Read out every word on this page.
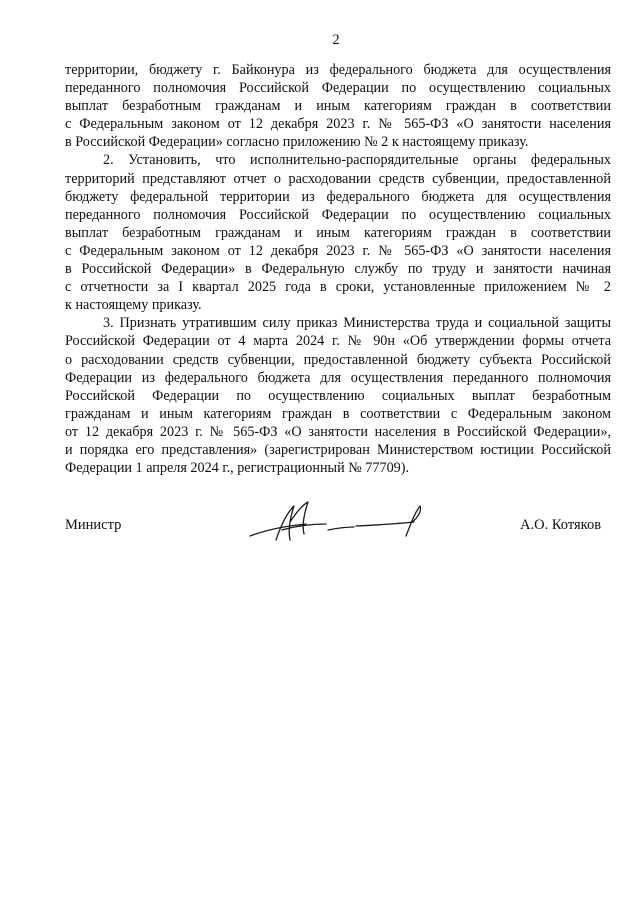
2

территории, бюджету г. Байконура из федерального бюджета для осуществления
переданного полномочия Российской Федерации по осуществлению социальных
выплат безработным гражданам и иным категориям граждан в соответствии
с Федеральным законом от 12 декабря 2023 г. № 565-ФЗ «О занятости населения
в Российской Федерации» согласно приложению № 2 к настоящему приказу.

2. Установить, что исполнительно-распорядительные органы федеральных
территорий представляют отчет о расходовании средств субвенции, предоставленной
бюджету федеральной территории из федерального бюджета для осуществления
переданного полномочия Российской Федерации по осуществлению социальных
выплат безработным гражданам и иным категориям граждан в соответствии
с Федеральным законом от 12 декабря 2023 г. № 565-ФЗ «О занятости населения
в Российской Федерации» в Федеральную службу по труду и занятости начиная
с отчетности за I квартал 2025 года в сроки, установленные приложением № 2
к настоящему приказу.

3. Признать утратившим силу приказ Министерства труда и социальной защиты
Российской Федерации от 4 марта 2024 г. № 90н «Об утверждении формы отчета
о расходовании средств субвенции, предоставленной бюджету субъекта Российской
Федерации из федерального бюджета для осуществления переданного полномочия
Российской Федерации по осуществлению социальных выплат безработным
гражданам и иным категориям граждан в соответствии с Федеральным законом
от 12 декабря 2023 г. № 565-ФЗ «О занятости населения в Российской Федерации»,
и порядка его представления» (зарегистрирован Министерством юстиции Российской
Федерации 1 апреля 2024 г., регистрационный № 77709).

Министр	А.О. Котяков
